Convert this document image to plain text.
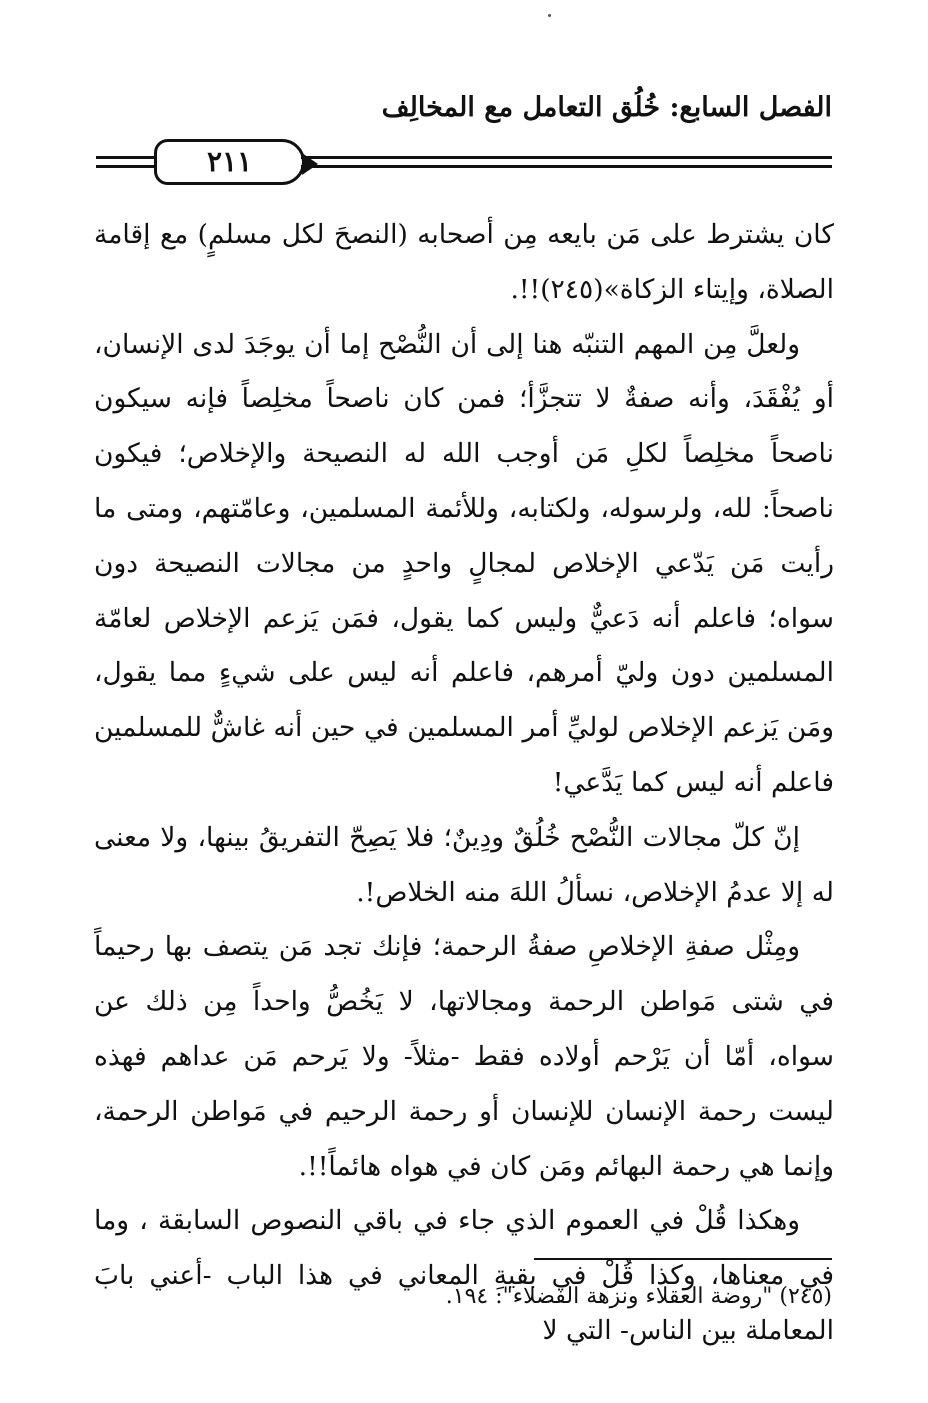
الفصل السابع: خُلُق التعامل مع المخالِف
٢١١

كان يشترط على مَن بايعه مِن أصحابه (النصحَ لكل مسلمٍ) مع إقامة الصلاة، وإيتاء الزكاة»(٢٤٥)!!.

ولعلَّ مِن المهم التنبّه هنا إلى أن النُّصْح إما أن يوجَدَ لدى الإنسان، أو يُفْقَدَ، وأنه صفةٌ لا تتجزَّأ؛ فمن كان ناصحاً مخلِصاً فإنه سيكون ناصحاً مخلِصاً لكلِ مَن أوجب الله له النصيحة والإخلاص؛ فيكون ناصحاً: لله، ولرسوله، ولكتابه، وللأئمة المسلمين، وعامّتهم، ومتى ما رأيت مَن يَدّعي الإخلاص لمجالٍ واحدٍ من مجالات النصيحة دون سواه؛ فاعلم أنه دَعيٌّ وليس كما يقول، فمَن يَزعم الإخلاص لعامّة المسلمين دون وليّ أمرهم، فاعلم أنه ليس على شيءٍ مما يقول، ومَن يَزعم الإخلاص لوليِّ أمر المسلمين في حين أنه غاشٌّ للمسلمين فاعلم أنه ليس كما يَدَّعي!

إنّ كلّ مجالات النُّصْح خُلُقٌ ودِينٌ؛ فلا يَصِحّ التفريقُ بينها، ولا معنى له إلا عدمُ الإخلاص، نسألُ اللهَ منه الخلاص!.

ومِثْل صفةِ الإخلاصِ صفةُ الرحمة؛ فإنك تجد مَن يتصف بها رحيماً في شتى مَواطن الرحمة ومجالاتها، لا يَخُصُّ واحداً مِن ذلك عن سواه، أمّا أن يَرْحم أولاده فقط -مثلاً- ولا يَرحم مَن عداهم فهذه ليست رحمة الإنسان للإنسان أو رحمة الرحيم في مَواطن الرحمة، وإنما هي رحمة البهائم ومَن كان في هواه هائماً!!.

وهكذا قُلْ في العموم الذي جاء في باقي النصوص السابقة ، وما في معناها، وكذا قُلْ في بقيةِ المعاني في هذا الباب -أعني بابَ المعاملة بين الناس- التي لا

(٢٤٥) "روضة العقلاء ونزهة الفضلاء": ١٩٤.
